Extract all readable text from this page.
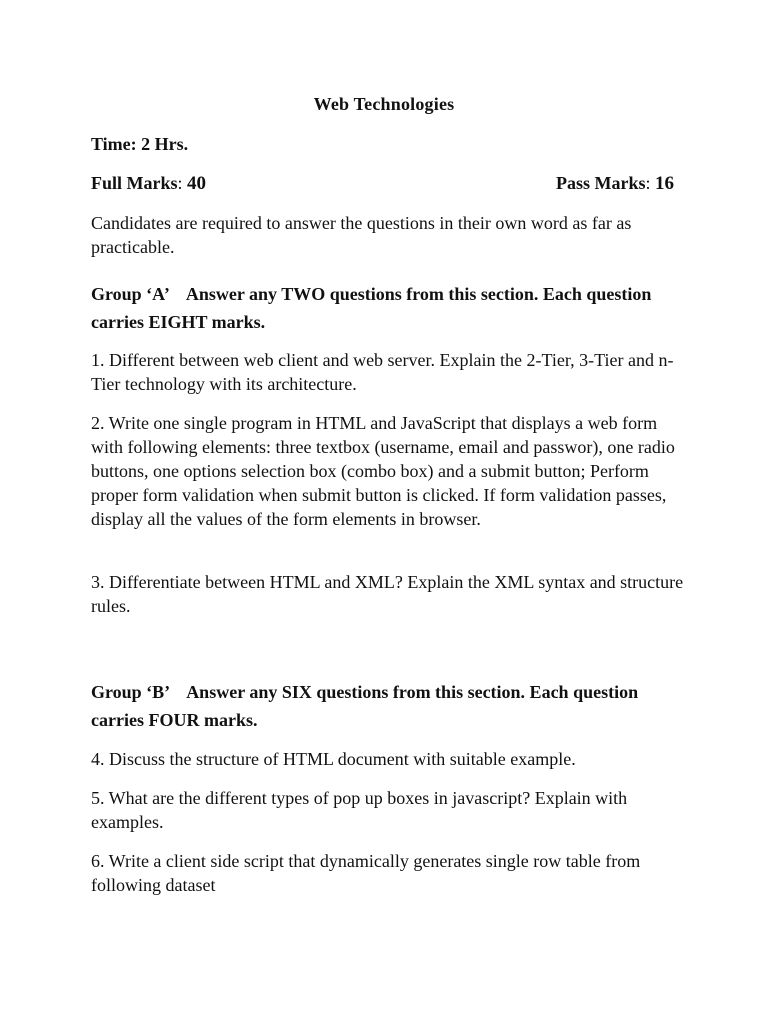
Web Technologies
Time: 2 Hrs.
Full Marks: 40	Pass Marks: 16
Candidates are required to answer the questions in their own word as far as practicable.
Group ‘A’ Answer any TWO questions from this section. Each question carries EIGHT marks.
1. Different between web client and web server. Explain the 2-Tier, 3-Tier and n-Tier technology with its architecture.
2. Write one single program in HTML and JavaScript that displays a web form with following elements: three textbox (username, email and passwor), one radio buttons, one options selection box (combo box) and a submit button; Perform proper form validation when submit button is clicked. If form validation passes, display all the values of the form elements in browser.
3. Differentiate between HTML and XML? Explain the XML syntax and structure rules.
Group ‘B’ Answer any SIX questions from this section. Each question carries FOUR marks.
4. Discuss the structure of HTML document with suitable example.
5. What are the different types of pop up boxes in javascript? Explain with examples.
6. Write a client side script that dynamically generates single row table from following dataset
